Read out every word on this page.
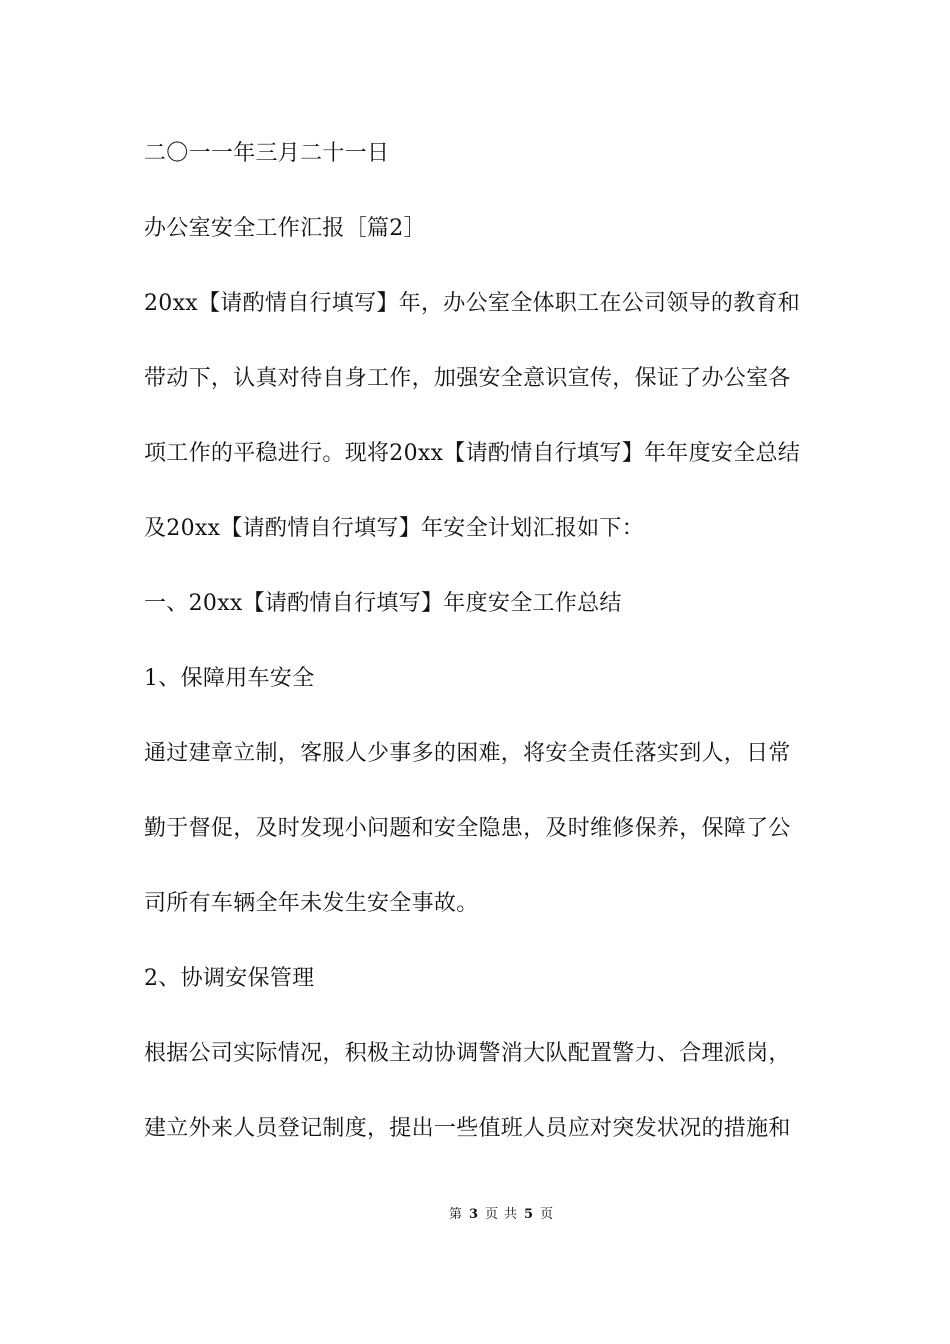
二〇一一年三月二十一日
办公室安全工作汇报［篇2］
20xx【请酌情自行填写】年，办公室全体职工在公司领导的教育和
带动下，认真对待自身工作，加强安全意识宣传，保证了办公室各
项工作的平稳进行。现将20xx【请酌情自行填写】年年度安全总结
及20xx【请酌情自行填写】年安全计划汇报如下：
一、20xx【请酌情自行填写】年度安全工作总结
1、保障用车安全
通过建章立制，客服人少事多的困难，将安全责任落实到人，日常
勤于督促，及时发现小问题和安全隐患，及时维修保养，保障了公
司所有车辆全年未发生安全事故。
2、协调安保管理
根据公司实际情况，积极主动协调警消大队配置警力、合理派岗，
建立外来人员登记制度，提出一些值班人员应对突发状况的措施和
第 3 页 共 5 页
